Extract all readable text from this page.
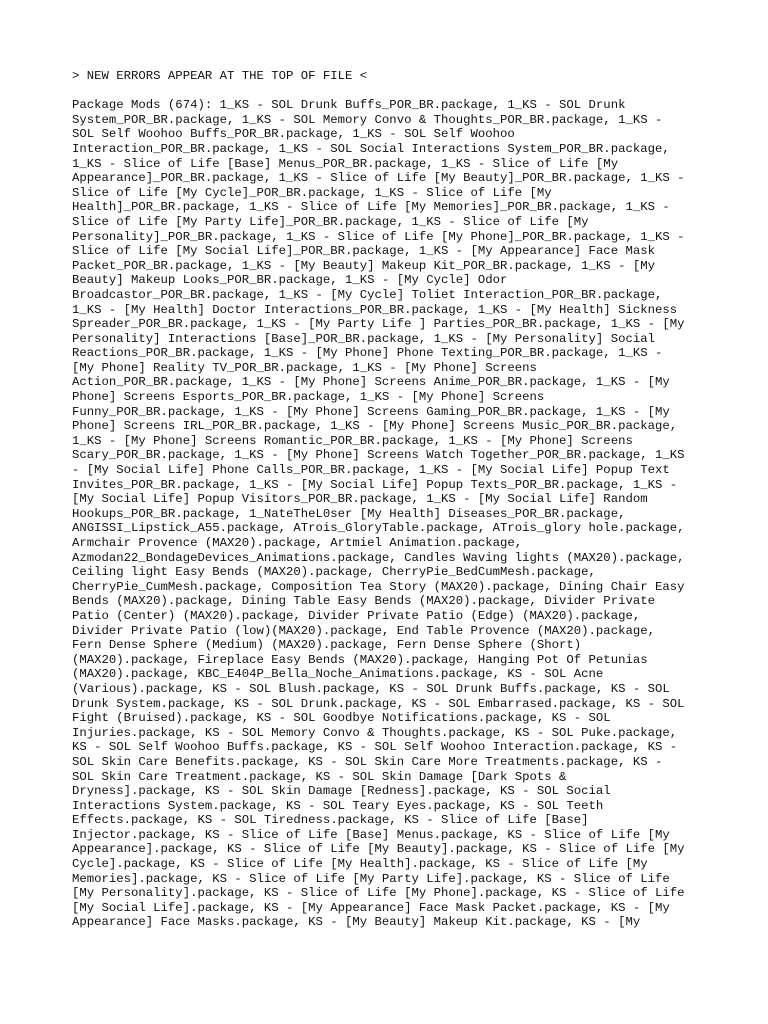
> NEW ERRORS APPEAR AT THE TOP OF FILE <
Package Mods (674): 1_KS - SOL Drunk Buffs_POR_BR.package, 1_KS - SOL Drunk
System_POR_BR.package, 1_KS - SOL Memory Convo & Thoughts_POR_BR.package, 1_KS -
SOL Self Woohoo Buffs_POR_BR.package, 1_KS - SOL Self Woohoo
Interaction_POR_BR.package, 1_KS - SOL Social Interactions System_POR_BR.package,
1_KS - Slice of Life [Base] Menus_POR_BR.package, 1_KS - Slice of Life [My
Appearance]_POR_BR.package, 1_KS - Slice of Life [My Beauty]_POR_BR.package, 1_KS -
Slice of Life [My Cycle]_POR_BR.package, 1_KS - Slice of Life [My
Health]_POR_BR.package, 1_KS - Slice of Life [My Memories]_POR_BR.package, 1_KS -
Slice of Life [My Party Life]_POR_BR.package, 1_KS - Slice of Life [My
Personality]_POR_BR.package, 1_KS - Slice of Life [My Phone]_POR_BR.package, 1_KS -
Slice of Life [My Social Life]_POR_BR.package, 1_KS - [My Appearance] Face Mask
Packet_POR_BR.package, 1_KS - [My Beauty] Makeup Kit_POR_BR.package, 1_KS - [My
Beauty] Makeup Looks_POR_BR.package, 1_KS - [My Cycle] Odor
Broadcastor_POR_BR.package, 1_KS - [My Cycle] Toliet Interaction_POR_BR.package,
1_KS - [My Health] Doctor Interactions_POR_BR.package, 1_KS - [My Health] Sickness
Spreader_POR_BR.package, 1_KS - [My Party Life ] Parties_POR_BR.package, 1_KS - [My
Personality] Interactions [Base]_POR_BR.package, 1_KS - [My Personality] Social
Reactions_POR_BR.package, 1_KS - [My Phone] Phone Texting_POR_BR.package, 1_KS -
[My Phone] Reality TV_POR_BR.package, 1_KS - [My Phone] Screens
Action_POR_BR.package, 1_KS - [My Phone] Screens Anime_POR_BR.package, 1_KS - [My
Phone] Screens Esports_POR_BR.package, 1_KS - [My Phone] Screens
Funny_POR_BR.package, 1_KS - [My Phone] Screens Gaming_POR_BR.package, 1_KS - [My
Phone] Screens IRL_POR_BR.package, 1_KS - [My Phone] Screens Music_POR_BR.package,
1_KS - [My Phone] Screens Romantic_POR_BR.package, 1_KS - [My Phone] Screens
Scary_POR_BR.package, 1_KS - [My Phone] Screens Watch Together_POR_BR.package, 1_KS
- [My Social Life] Phone Calls_POR_BR.package, 1_KS - [My Social Life] Popup Text
Invites_POR_BR.package, 1_KS - [My Social Life] Popup Texts_POR_BR.package, 1_KS -
[My Social Life] Popup Visitors_POR_BR.package, 1_KS - [My Social Life] Random
Hookups_POR_BR.package, 1_NateTheL0ser [My Health] Diseases_POR_BR.package,
ANGISSI_Lipstick_A55.package, ATrois_GloryTable.package, ATrois_glory hole.package,
Armchair Provence (MAX20).package, Artmiel Animation.package,
Azmodan22_BondageDevices_Animations.package, Candles Waving lights (MAX20).package,
Ceiling light Easy Bends (MAX20).package, CherryPie_BedCumMesh.package,
CherryPie_CumMesh.package, Composition Tea Story (MAX20).package, Dining Chair Easy
Bends (MAX20).package, Dining Table Easy Bends (MAX20).package, Divider Private
Patio (Center) (MAX20).package, Divider Private Patio (Edge) (MAX20).package,
Divider Private Patio (low)(MAX20).package, End Table Provence (MAX20).package,
Fern Dense Sphere (Medium) (MAX20).package, Fern Dense Sphere (Short)
(MAX20).package, Fireplace Easy Bends (MAX20).package, Hanging Pot Of Petunias
(MAX20).package, KBC_E404P_Bella_Noche_Animations.package, KS - SOL Acne
(Various).package, KS - SOL Blush.package, KS - SOL Drunk Buffs.package, KS - SOL
Drunk System.package, KS - SOL Drunk.package, KS - SOL Embarrased.package, KS - SOL
Fight (Bruised).package, KS - SOL Goodbye Notifications.package, KS - SOL
Injuries.package, KS - SOL Memory Convo & Thoughts.package, KS - SOL Puke.package,
KS - SOL Self Woohoo Buffs.package, KS - SOL Self Woohoo Interaction.package, KS -
SOL Skin Care Benefits.package, KS - SOL Skin Care More Treatments.package, KS -
SOL Skin Care Treatment.package, KS - SOL Skin Damage [Dark Spots &
Dryness].package, KS - SOL Skin Damage [Redness].package, KS - SOL Social
Interactions System.package, KS - SOL Teary Eyes.package, KS - SOL Teeth
Effects.package, KS - SOL Tiredness.package, KS - Slice of Life [Base]
Injector.package, KS - Slice of Life [Base] Menus.package, KS - Slice of Life [My
Appearance].package, KS - Slice of Life [My Beauty].package, KS - Slice of Life [My
Cycle].package, KS - Slice of Life [My Health].package, KS - Slice of Life [My
Memories].package, KS - Slice of Life [My Party Life].package, KS - Slice of Life
[My Personality].package, KS - Slice of Life [My Phone].package, KS - Slice of Life
[My Social Life].package, KS - [My Appearance] Face Mask Packet.package, KS - [My
Appearance] Face Masks.package, KS - [My Beauty] Makeup Kit.package, KS - [My
